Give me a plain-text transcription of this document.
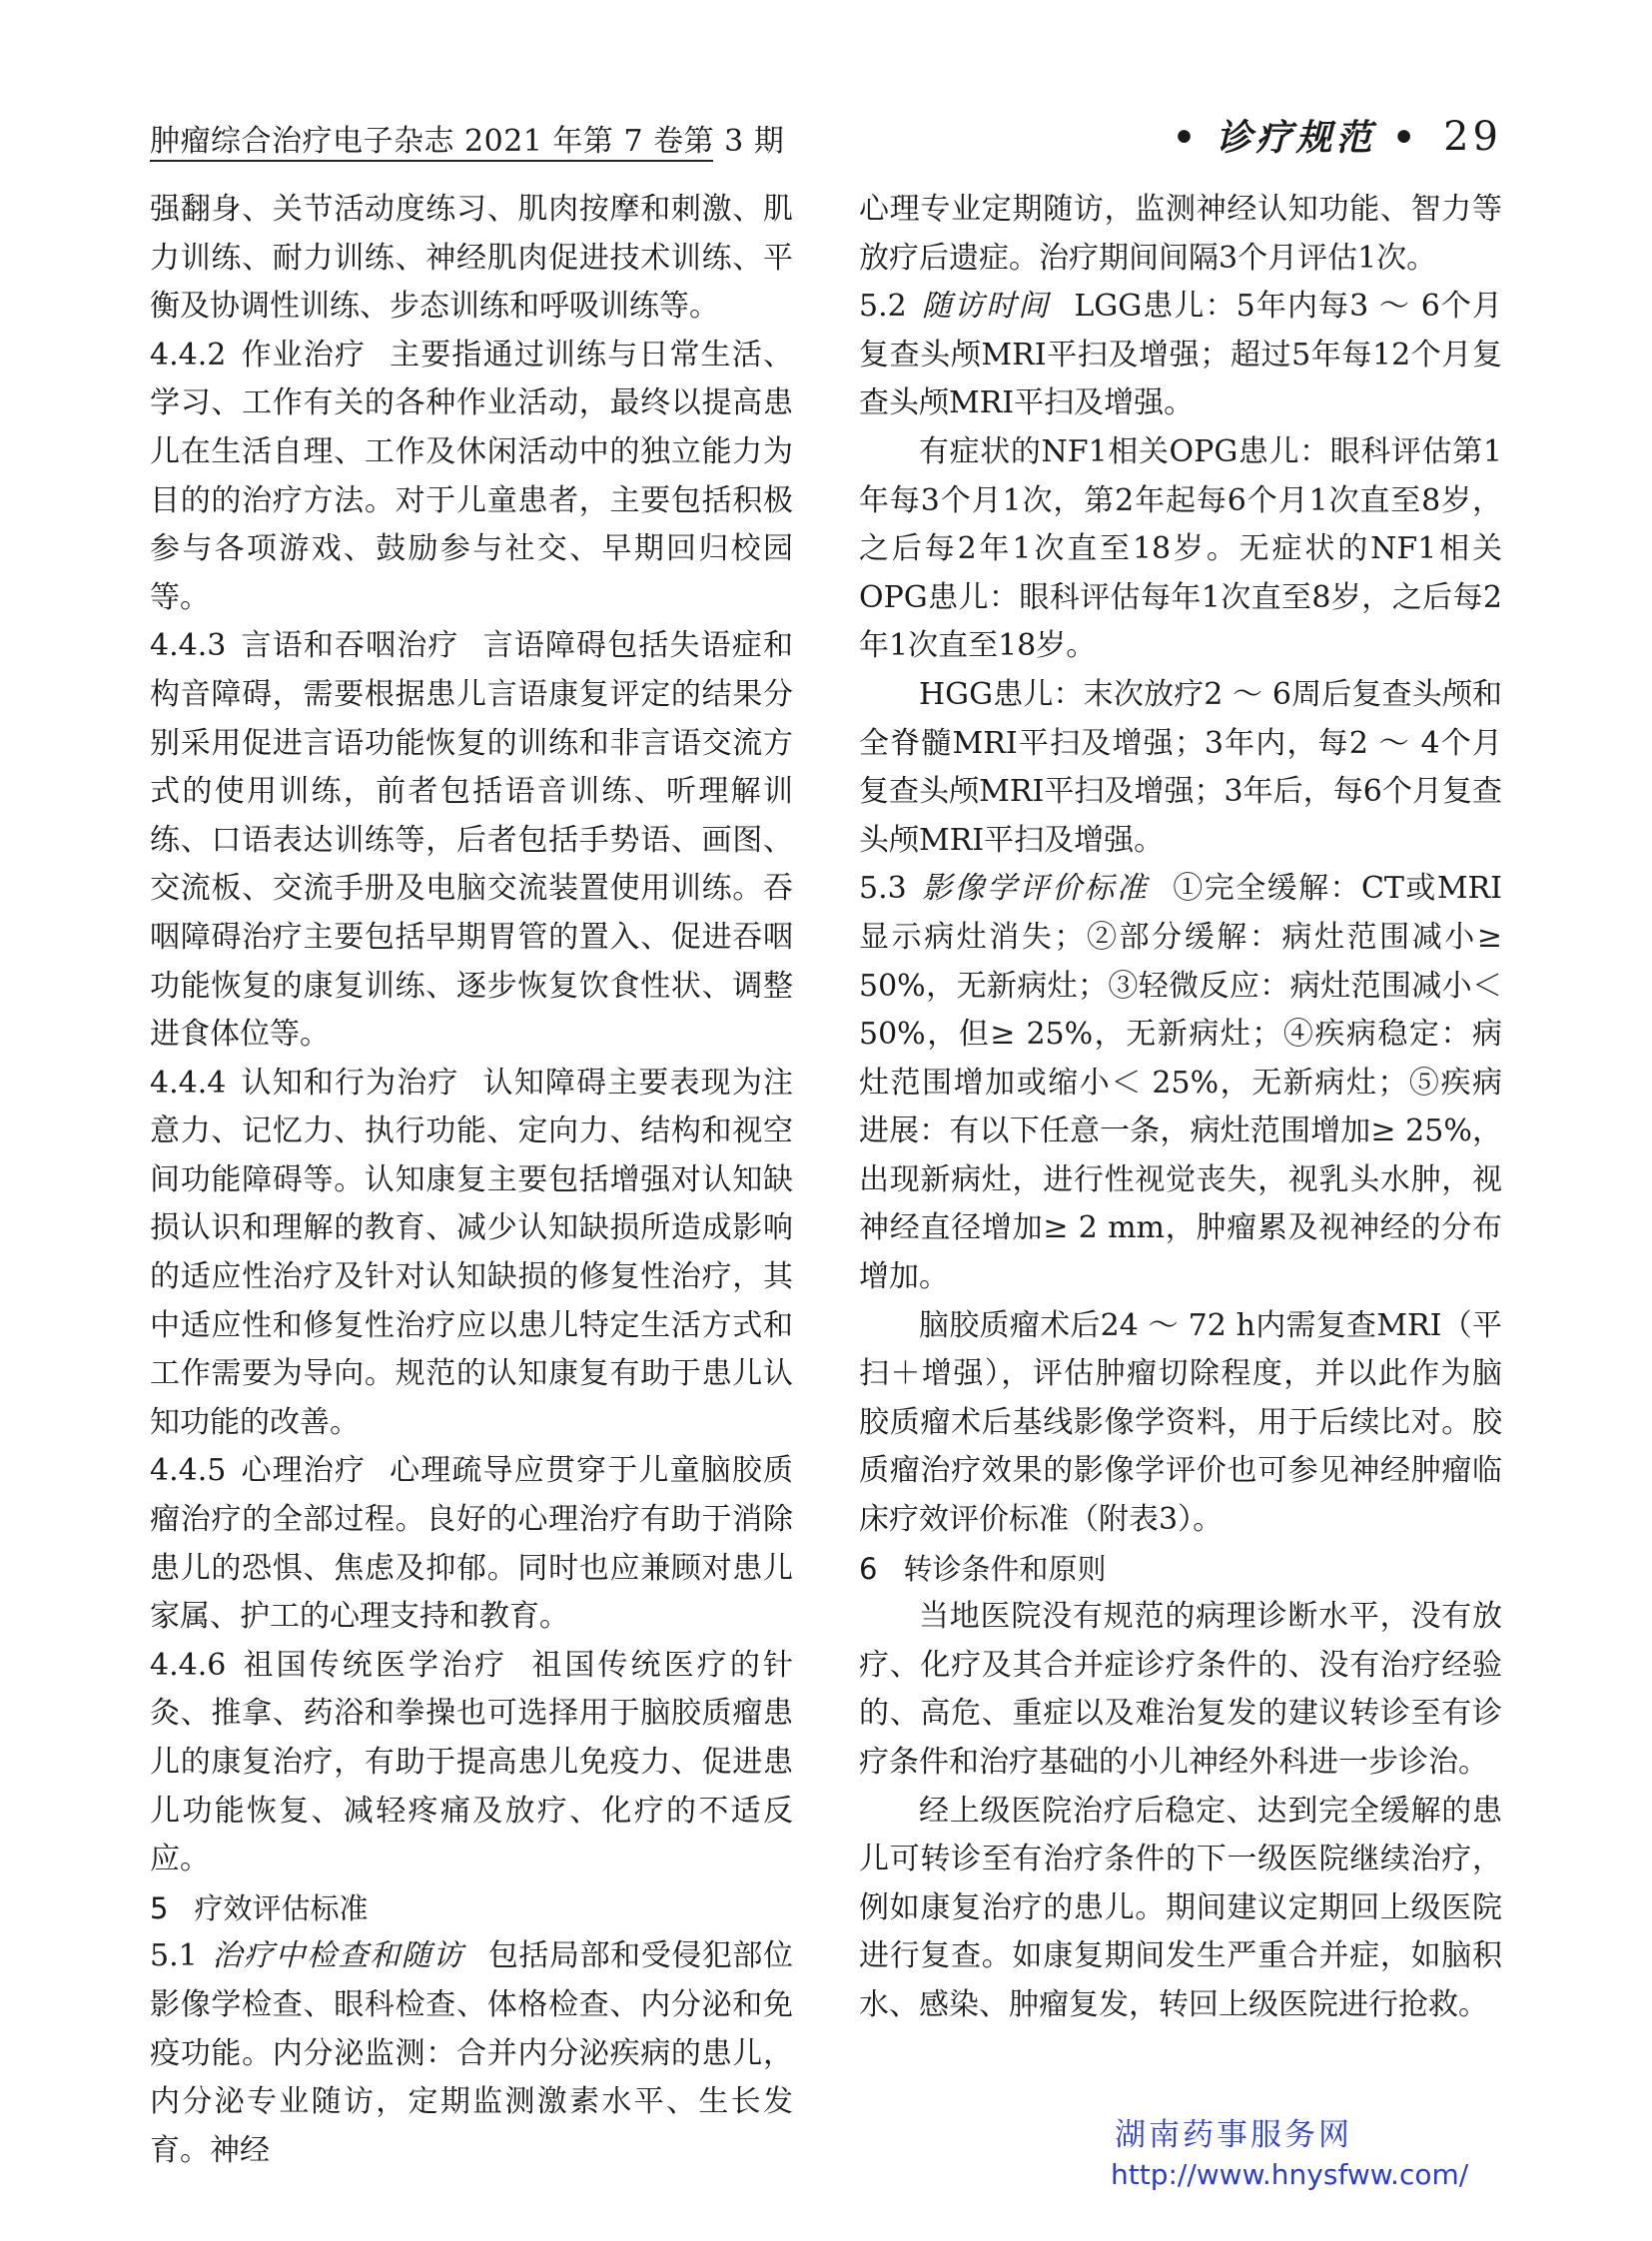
肿瘤综合治疗电子杂志 2021 年第 7 卷第 3 期	• 诊疗规范 • 29

强翻身、关节活动度练习、肌肉按摩和刺激、肌力训练、耐力训练、神经肌肉促进技术训练、平衡及协调性训练、步态训练和呼吸训练等。

4.4.2 作业治疗 主要指通过训练与日常生活、学习、工作有关的各种作业活动，最终以提高患儿在生活自理、工作及休闲活动中的独立能力为目的的治疗方法。对于儿童患者，主要包括积极参与各项游戏、鼓励参与社交、早期回归校园等。

4.4.3 言语和吞咽治疗 言语障碍包括失语症和构音障碍，需要根据患儿言语康复评定的结果分别采用促进言语功能恢复的训练和非言语交流方式的使用训练，前者包括语音训练、听理解训练、口语表达训练等，后者包括手势语、画图、交流板、交流手册及电脑交流装置使用训练。吞咽障碍治疗主要包括早期胃管的置入、促进吞咽功能恢复的康复训练、逐步恢复饮食性状、调整进食体位等。

4.4.4 认知和行为治疗 认知障碍主要表现为注意力、记忆力、执行功能、定向力、结构和视空间功能障碍等。认知康复主要包括增强对认知缺损认识和理解的教育、减少认知缺损所造成影响的适应性治疗及针对认知缺损的修复性治疗，其中适应性和修复性治疗应以患儿特定生活方式和工作需要为导向。规范的认知康复有助于患儿认知功能的改善。

4.4.5 心理治疗 心理疏导应贯穿于儿童脑胶质瘤治疗的全部过程。良好的心理治疗有助于消除患儿的恐惧、焦虑及抑郁。同时也应兼顾对患儿家属、护工的心理支持和教育。

4.4.6 祖国传统医学治疗 祖国传统医疗的针灸、推拿、药浴和拳操也可选择用于脑胶质瘤患儿的康复治疗，有助于提高患儿免疫力、促进患儿功能恢复、减轻疼痛及放疗、化疗的不适反应。

5 疗效评估标准

5.1 治疗中检查和随访 包括局部和受侵犯部位影像学检查、眼科检查、体格检查、内分泌和免疫功能。内分泌监测：合并内分泌疾病的患儿，内分泌专业随访，定期监测激素水平、生长发育。神经

心理专业定期随访，监测神经认知功能、智力等放疗后遗症。治疗期间间隔3个月评估1次。

5.2 随访时间 LGG患儿：5年内每3 ～ 6个月复查头颅MRI平扫及增强；超过5年每12个月复查头颅MRI平扫及增强。

有症状的NF1相关OPG患儿：眼科评估第1年每3个月1次，第2年起每6个月1次直至8岁，之后每2年1次直至18岁。无症状的NF1相关OPG患儿：眼科评估每年1次直至8岁，之后每2年1次直至18岁。

HGG患儿：末次放疗2 ～ 6周后复查头颅和全脊髓MRI平扫及增强；3年内，每2 ～ 4个月复查头颅MRI平扫及增强；3年后，每6个月复查头颅MRI平扫及增强。

5.3 影像学评价标准 ①完全缓解：CT或MRI显示病灶消失；②部分缓解：病灶范围减小≥ 50%，无新病灶；③轻微反应：病灶范围减小＜ 50%，但≥ 25%，无新病灶；④疾病稳定：病灶范围增加或缩小＜ 25%，无新病灶；⑤疾病进展：有以下任意一条，病灶范围增加≥ 25%，出现新病灶，进行性视觉丧失，视乳头水肿，视神经直径增加≥ 2 mm，肿瘤累及视神经的分布增加。

脑胶质瘤术后24 ～ 72 h内需复查MRI（平扫＋增强），评估肿瘤切除程度，并以此作为脑胶质瘤术后基线影像学资料，用于后续比对。胶质瘤治疗效果的影像学评价也可参见神经肿瘤临床疗效评价标准（附表3）。

6 转诊条件和原则

当地医院没有规范的病理诊断水平，没有放疗、化疗及其合并症诊疗条件的、没有治疗经验的、高危、重症以及难治复发的建议转诊至有诊疗条件和治疗基础的小儿神经外科进一步诊治。

经上级医院治疗后稳定、达到完全缓解的患儿可转诊至有治疗条件的下一级医院继续治疗，例如康复治疗的患儿。期间建议定期回上级医院进行复查。如康复期间发生严重合并症，如脑积水、感染、肿瘤复发，转回上级医院进行抢救。

湖南药事服务网
http://www.hnysfww.com/
